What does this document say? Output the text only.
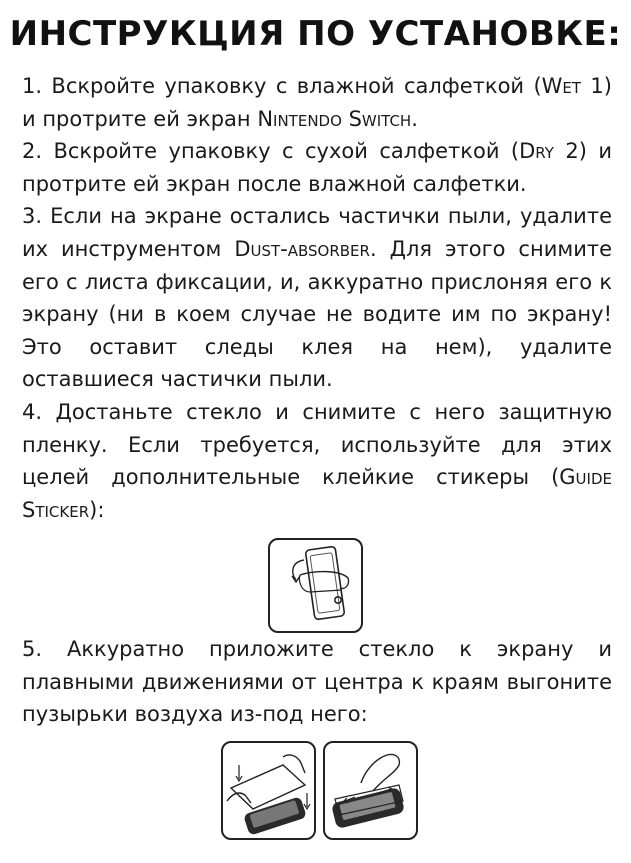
ИНСТРУКЦИЯ ПО УСТАНОВКЕ:

1. Вскройте упаковку с влажной салфеткой (Wet 1) и протрите ей экран Nintendo Switch.

2. Вскройте упаковку с сухой салфеткой (Dry 2) и протрите ей экран после влажной салфетки.

3. Если на экране остались частички пыли, удалите их инструментом Dust-absorber. Для этого снимите его с листа фиксации, и, аккуратно прислоняя его к экрану (ни в коем случае не водите им по экрану! Это оставит следы клея на нем), удалите оставшиеся частички пыли.

4. Достаньте стекло и снимите с него защитную пленку. Если требуется, используйте для этих целей дополнительные клейкие стикеры (Guide Sticker):

5. Аккуратно приложите стекло к экрану и плавными движениями от центра к краям выгоните пузырьки воздуха из-под него:
